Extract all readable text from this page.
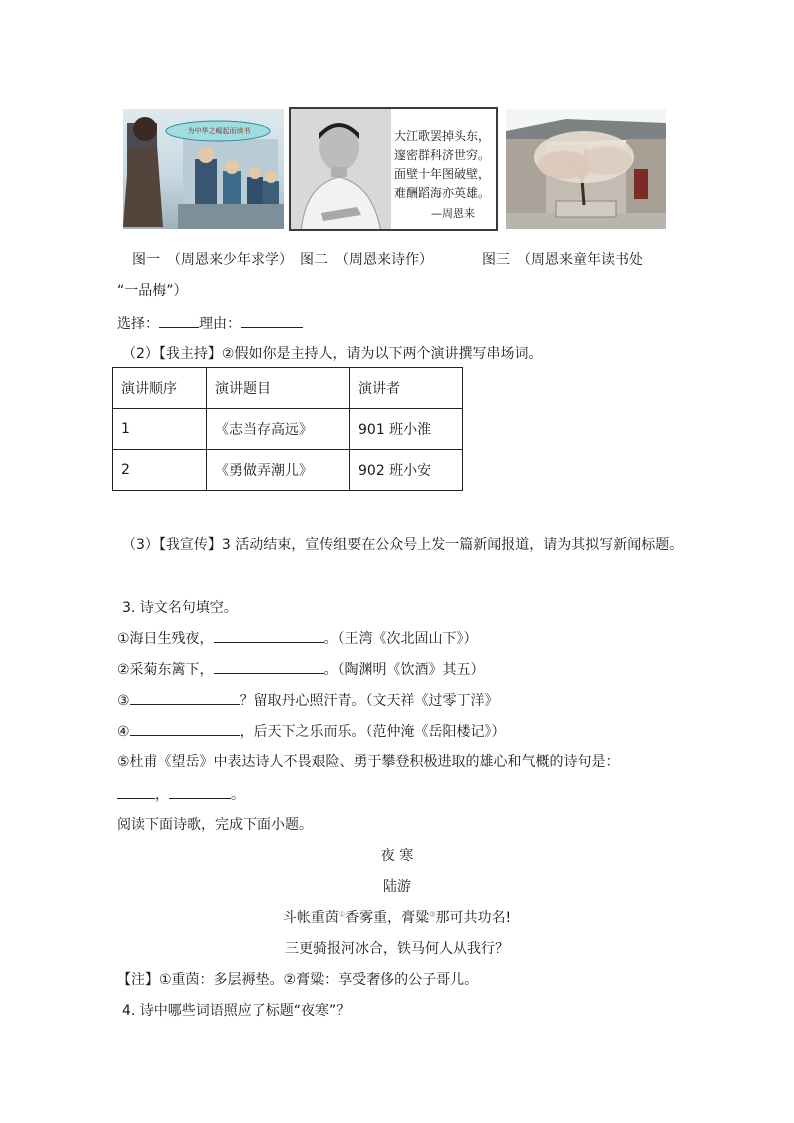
为中华之崛起而读书	大江歌罢掉头东，
邃密群科济世穷。
面壁十年图破壁，
难酬蹈海亦英雄。
—周恩来
图一　（周恩来少年求学）　图二　（周恩来诗作）　　　　图三　（周恩来童年读书处
“一品梅”）
选择：	理由：
（2）【我主持】②假如你是主持人，请为以下两个演讲撰写串场词。
演讲顺序	演讲题目	演讲者
1	《志当存高远》	901 班小淮
2	《勇做弄潮儿》	902 班小安
（3）【我宣传】3 活动结束，宣传组要在公众号上发一篇新闻报道，请为其拟写新闻标题。
3. 诗文名句填空。
①海日生残夜，	。（王湾《次北固山下》）
②采菊东篱下，	。（陶渊明《饮酒》其五）
③	？留取丹心照汗青。（文天祥《过零丁洋》
④	，后天下之乐而乐。（范仲淹《岳阳楼记》）
⑤杜甫《望岳》中表达诗人不畏艰险、勇于攀登积极进取的雄心和气概的诗句是：
，	。
阅读下面诗歌，完成下面小题。
夜 寒
陆游
斗帐重茵①香雾重，膏粱②那可共功名!
三更骑报河冰合，铁马何人从我行？
【注】①重茵：多层褥垫。②膏粱：享受奢侈的公子哥儿。
4. 诗中哪些词语照应了标题“夜寒”？
